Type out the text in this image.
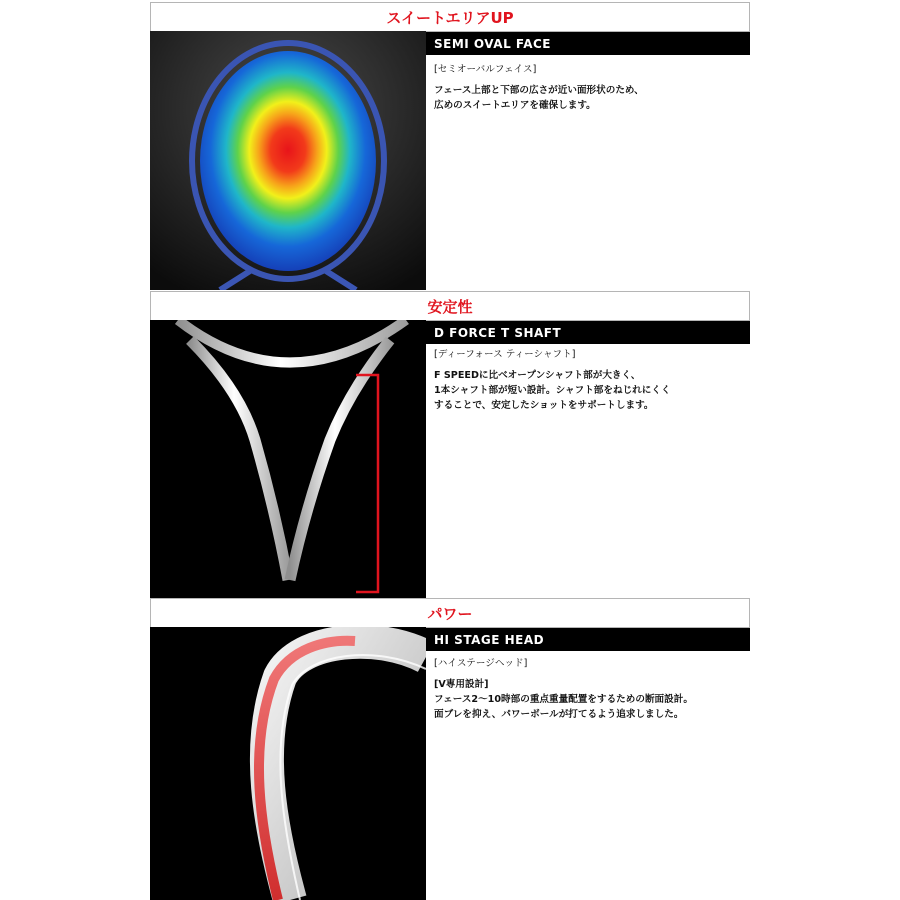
スイートエリアUP
SEMI OVAL FACE
[セミオーバルフェイス]
フェース上部と下部の広さが近い面形状のため、
広めのスイートエリアを確保します。
安定性
D FORCE T SHAFT
[ディーフォース ティーシャフト]
F SPEEDに比べオープンシャフト部が大きく、
1本シャフト部が短い設計。シャフト部をねじれにくく
することで、安定したショットをサポートします。
パワー
HI STAGE HEAD
[ハイステージヘッド]
[V専用設計]
フェース2～10時部の重点重量配置をするための断面設計。
面ブレを抑え、パワーボールが打てるよう追求しました。
